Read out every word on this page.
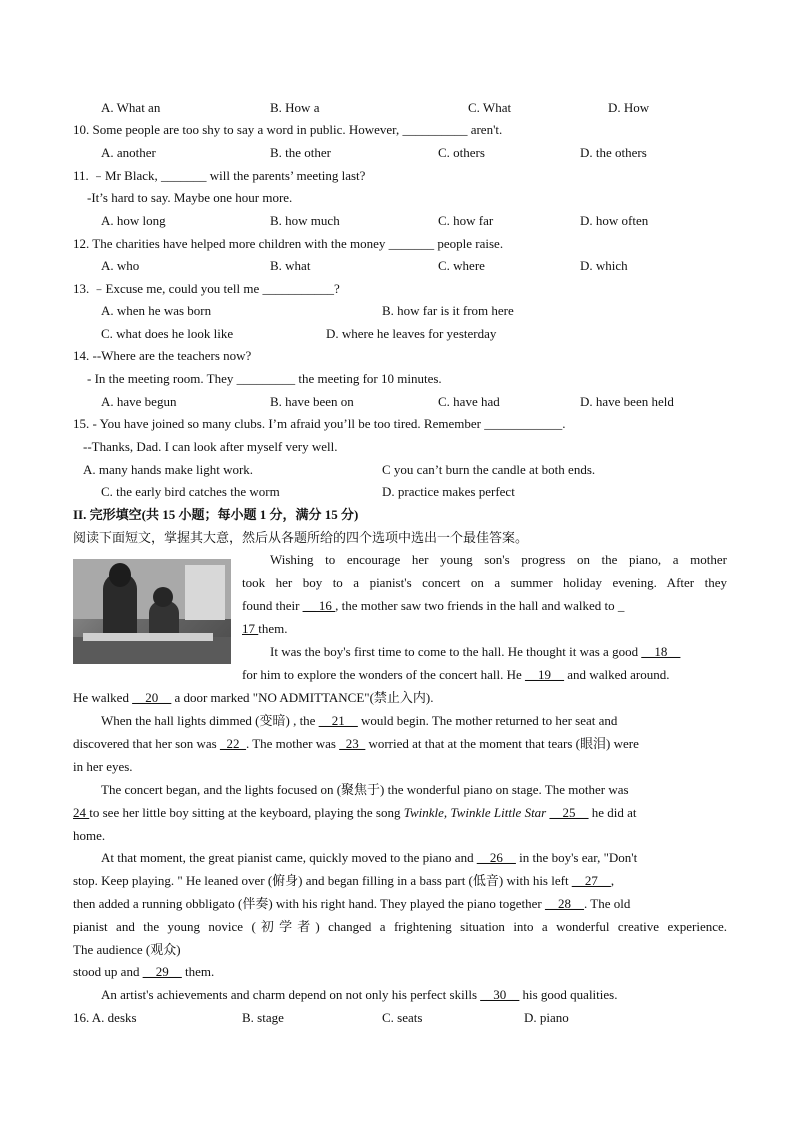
A. What an	B. How a	C. What	D. How
10. Some people are too shy to say a word in public. However, __________ aren't.
A. another	B. the other	C. others	D. the others
11. ﹣Mr Black, _______ will the parents’ meeting last?
-It’s hard to say. Maybe one hour more.
A. how long	B. how much	C. how far	D. how often
12. The charities have helped more children with the money _______ people raise.
A. who	B. what	C. where	D. which
13. ﹣Excuse me, could you tell me ___________?
A. when he was born	B. how far is it from here
C. what does he look like	D. where he leaves for yesterday
14. --Where are the teachers now?
- In the meeting room. They _________ the meeting for 10 minutes.
A. have begun	B. have been on	C. have had	D. have been held
15. - You have joined so many clubs. I’m afraid you’ll be too tired. Remember ____________.
--Thanks, Dad. I can look after myself very well.
A. many hands make light work.	C you can’t burn the candle at both ends.
C. the early bird catches the worm	D. practice makes perfect
II. 完形填空(共 15 小题；每小题 1 分，满分 15 分)
阅读下面短文，掌握其大意，然后从各题所给的四个选项中选出一个最佳答案。
Wishing to encourage her young son's progress on the piano, a mother
took her boy to a pianist's concert on a summer holiday evening. After they
found their __ 16 , the mother saw two friends in the hall and walked to _
17 them.
It was the boy's first time to come to the hall. He thought it was a good __18__
for him to explore the wonders of the concert hall. He __19__ and walked around.
He walked __20__ a door marked "NO ADMITTANCE"(禁止入内).
When the hall lights dimmed (变暗) , the __21__ would begin. The mother returned to her seat and
discovered that her son was _22_. The mother was _23_ worried at that at the moment that tears (眼泪) were
in her eyes.
The concert began, and the lights focused on (聚焦于) the wonderful piano on stage. The mother was
24 to see her little boy sitting at the keyboard, playing the song Twinkle, Twinkle Little Star __25__ he did at
home.
At that moment, the great pianist came, quickly moved to the piano and __26__ in the boy's ear, "Don't
stop. Keep playing. " He leaned over (俯身) and began filling in a bass part (低音) with his left __27__,
then added a running obbligato (伴奏) with his right hand. They played the piano together __28__. The old
pianist and the young novice (初学者) changed a frightening situation into a wonderful creative experience.
The audience (观众)
stood up and __29__ them.
An artist's achievements and charm depend on not only his perfect skills __30__ his good qualities.
16. A. desks	B. stage	C. seats	D. piano
